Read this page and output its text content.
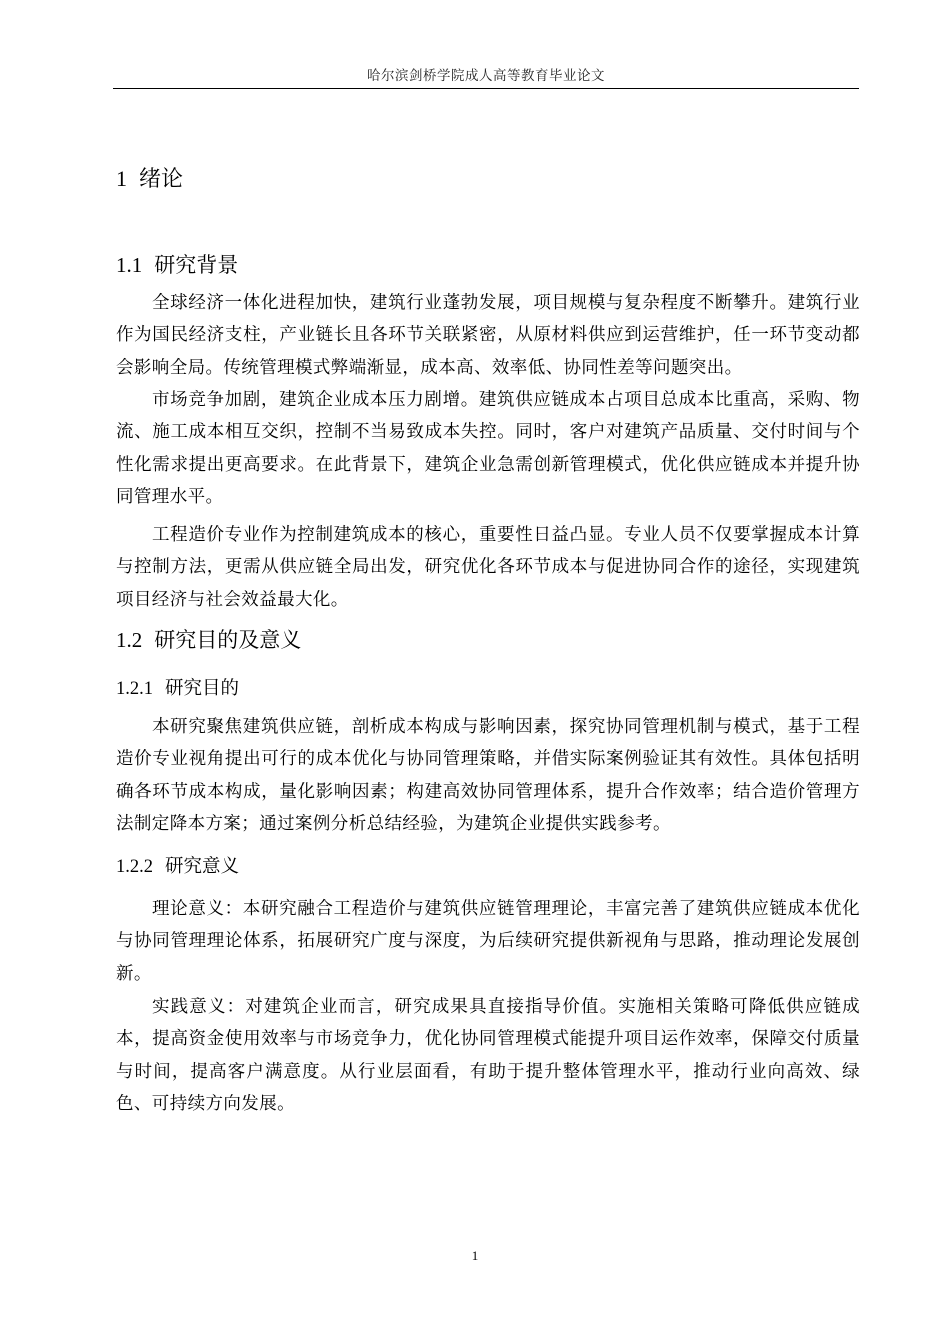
哈尔滨剑桥学院成人高等教育毕业论文
1 绪论
1.1 研究背景

全球经济一体化进程加快，建筑行业蓬勃发展，项目规模与复杂程度不断攀升。建筑行业作为国民经济支柱，产业链长且各环节关联紧密，从原材料供应到运营维护，任一环节变动都会影响全局。传统管理模式弊端渐显，成本高、效率低、协同性差等问题突出。

市场竞争加剧，建筑企业成本压力剧增。建筑供应链成本占项目总成本比重高，采购、物流、施工成本相互交织，控制不当易致成本失控。同时，客户对建筑产品质量、交付时间与个性化需求提出更高要求。在此背景下，建筑企业急需创新管理模式，优化供应链成本并提升协同管理水平。

工程造价专业作为控制建筑成本的核心，重要性日益凸显。专业人员不仅要掌握成本计算与控制方法，更需从供应链全局出发，研究优化各环节成本与促进协同合作的途径，实现建筑项目经济与社会效益最大化。

1.2 研究目的及意义
1.2.1 研究目的

本研究聚焦建筑供应链，剖析成本构成与影响因素，探究协同管理机制与模式，基于工程造价专业视角提出可行的成本优化与协同管理策略，并借实际案例验证其有效性。具体包括明确各环节成本构成，量化影响因素；构建高效协同管理体系，提升合作效率；结合造价管理方法制定降本方案；通过案例分析总结经验，为建筑企业提供实践参考。

1.2.2 研究意义

理论意义：本研究融合工程造价与建筑供应链管理理论，丰富完善了建筑供应链成本优化与协同管理理论体系，拓展研究广度与深度，为后续研究提供新视角与思路，推动理论发展创新。

实践意义：对建筑企业而言，研究成果具直接指导价值。实施相关策略可降低供应链成本，提高资金使用效率与市场竞争力，优化协同管理模式能提升项目运作效率，保障交付质量与时间，提高客户满意度。从行业层面看，有助于提升整体管理水平，推动行业向高效、绿色、可持续方向发展。

1
